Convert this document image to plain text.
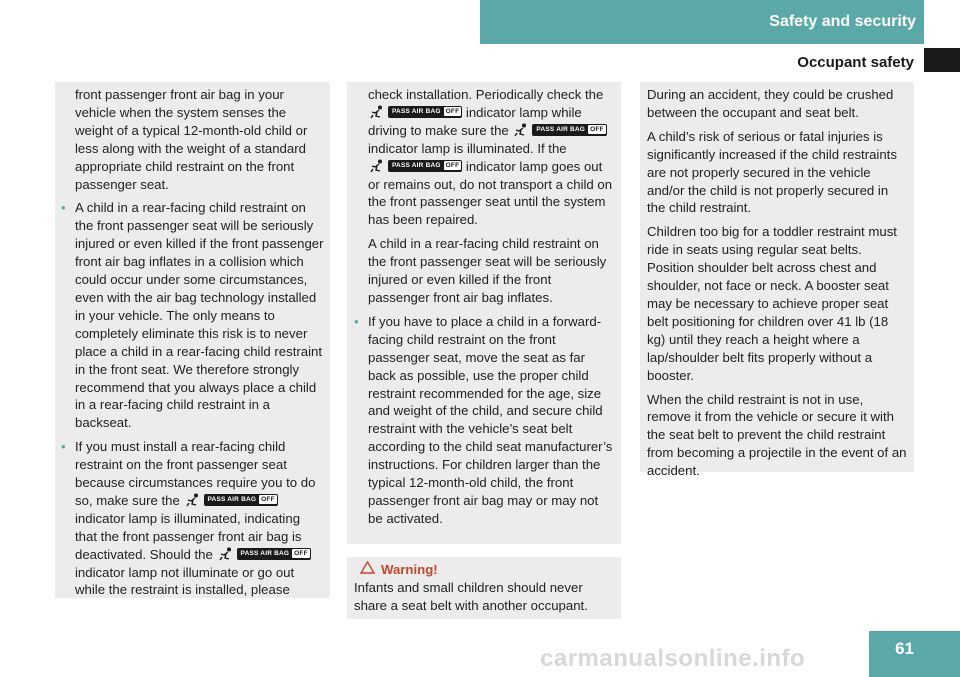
Safety and security
Occupant safety

front passenger front air bag in your vehicle when the system senses the weight of a typical 12-month-old child or less along with the weight of a standard appropriate child restraint on the front passenger seat.

• A child in a rear-facing child restraint on the front passenger seat will be seriously injured or even killed if the front passenger front air bag inflates in a collision which could occur under some circumstances, even with the air bag technology installed in your vehicle. The only means to completely eliminate this risk is to never place a child in a rear-facing child restraint in the front seat. We therefore strongly recommend that you always place a child in a rear-facing child restraint in a backseat.

• If you must install a rear-facing child restraint on the front passenger seat because circumstances require you to do so, make sure the	PASS AIR BAG OFF
indicator lamp is illuminated, indicating that the front passenger front air bag is deactivated. Should the	PASS AIR BAG OFF
indicator lamp not illuminate or go out while the restraint is installed, please

check installation. Periodically check the
PASS AIR BAG OFF indicator lamp while driving to make sure the	PASS AIR BAG OFF
indicator lamp is illuminated. If the
PASS AIR BAG OFF indicator lamp goes out or remains out, do not transport a child on the front passenger seat until the system has been repaired.

A child in a rear-facing child restraint on the front passenger seat will be seriously injured or even killed if the front passenger front air bag inflates.

• If you have to place a child in a forward-facing child restraint on the front passenger seat, move the seat as far back as possible, use the proper child restraint recommended for the age, size and weight of the child, and secure child restraint with the vehicle’s seat belt according to the child seat manufacturer’s instructions. For children larger than the typical 12-month-old child, the front passenger front air bag may or may not be activated.

Warning!
Infants and small children should never share a seat belt with another occupant.

During an accident, they could be crushed between the occupant and seat belt.

A child’s risk of serious or fatal injuries is significantly increased if the child restraints are not properly secured in the vehicle and/or the child is not properly secured in the child restraint.

Children too big for a toddler restraint must ride in seats using regular seat belts. Position shoulder belt across chest and shoulder, not face or neck. A booster seat may be necessary to achieve proper seat belt positioning for children over 41 lb (18 kg) until they reach a height where a lap/shoulder belt fits properly without a booster.

When the child restraint is not in use, remove it from the vehicle or secure it with the seat belt to prevent the child restraint from becoming a projectile in the event of an accident.

carmanualsonline.info	61
